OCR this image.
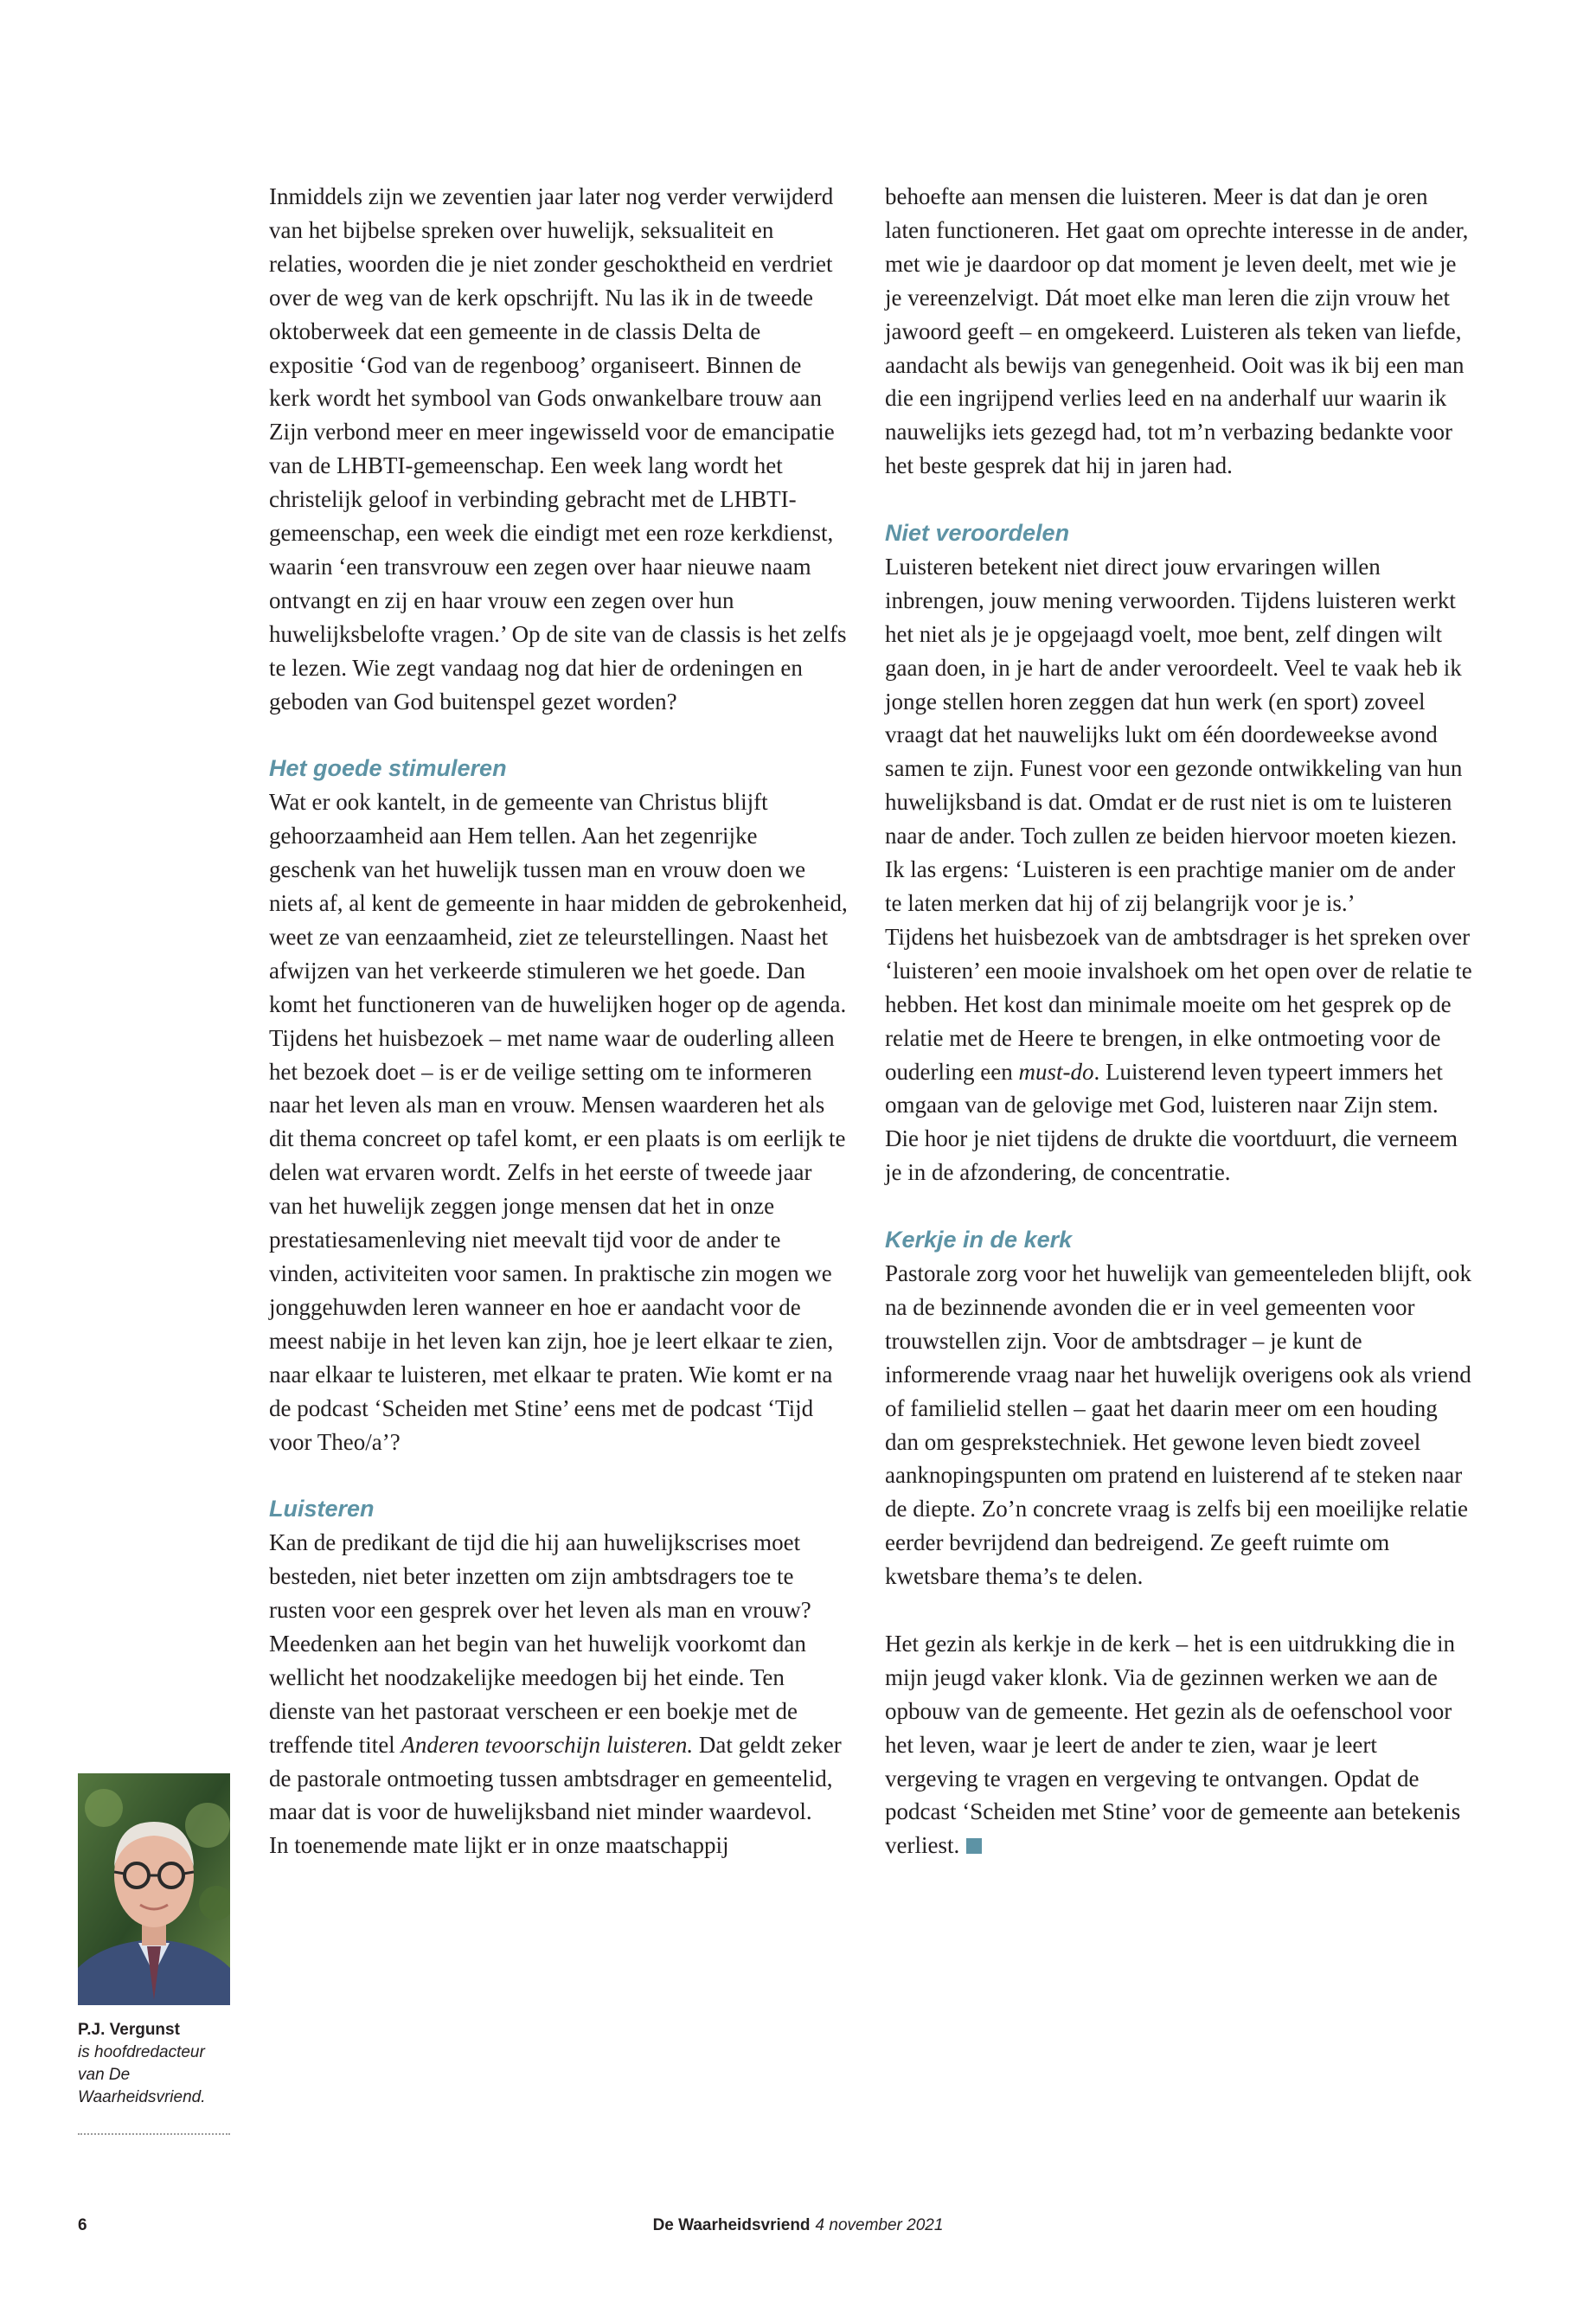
Inmiddels zijn we zeventien jaar later nog verder verwijderd van het bijbelse spreken over huwelijk, seksualiteit en relaties, woorden die je niet zonder geschoktheid en verdriet over de weg van de kerk opschrijft. Nu las ik in de tweede oktoberweek dat een gemeente in de classis Delta de expositie ‘God van de regenboog’ organiseert. Binnen de kerk wordt het symbool van Gods onwankelbare trouw aan Zijn verbond meer en meer ingewisseld voor de emancipatie van de LHBTI-gemeenschap. Een week lang wordt het christelijk geloof in verbinding gebracht met de LHBTI-gemeenschap, een week die eindigt met een roze kerkdienst, waarin ‘een transvrouw een zegen over haar nieuwe naam ontvangt en zij en haar vrouw een zegen over hun huwelijksbelofte vragen.’ Op de site van de classis is het zelfs te lezen. Wie zegt vandaag nog dat hier de ordeningen en geboden van God buitenspel gezet worden?

Het goede stimuleren

Wat er ook kantelt, in de gemeente van Christus blijft gehoorzaamheid aan Hem tellen. Aan het zegenrijke geschenk van het huwelijk tussen man en vrouw doen we niets af, al kent de gemeente in haar midden de gebrokenheid, weet ze van eenzaamheid, ziet ze teleurstellingen. Naast het afwijzen van het verkeerde stimuleren we het goede. Dan komt het functioneren van de huwelijken hoger op de agenda.

Tijdens het huisbezoek – met name waar de ouderling alleen het bezoek doet – is er de veilige setting om te informeren naar het leven als man en vrouw. Mensen waarderen het als dit thema concreet op tafel komt, er een plaats is om eerlijk te delen wat ervaren wordt. Zelfs in het eerste of tweede jaar van het huwelijk zeggen jonge mensen dat het in onze prestatiesamenleving niet meevalt tijd voor de ander te vinden, activiteiten voor samen. In praktische zin mogen we jonggehuwden leren wanneer en hoe er aandacht voor de meest nabije in het leven kan zijn, hoe je leert elkaar te zien, naar elkaar te luisteren, met elkaar te praten. Wie komt er na de podcast ‘Scheiden met Stine’ eens met de podcast ‘Tijd voor Theo/a’?

Luisteren

Kan de predikant de tijd die hij aan huwelijkscrises moet besteden, niet beter inzetten om zijn ambtsdragers toe te rusten voor een gesprek over het leven als man en vrouw? Meedenken aan het begin van het huwelijk voorkomt dan wellicht het noodzakelijke meedogen bij het einde. Ten dienste van het pastoraat verscheen er een boekje met de treffende titel Anderen tevoorschijn luisteren. Dat geldt zeker de pastorale ontmoeting tussen ambtsdrager en gemeentelid, maar dat is voor de huwelijksband niet minder waardevol.

In toenemende mate lijkt er in onze maatschappij

behoefte aan mensen die luisteren. Meer is dat dan je oren laten functioneren. Het gaat om oprechte interesse in de ander, met wie je daardoor op dat moment je leven deelt, met wie je je vereenzelvigt. Dát moet elke man leren die zijn vrouw het jawoord geeft – en omgekeerd. Luisteren als teken van liefde, aandacht als bewijs van genegenheid. Ooit was ik bij een man die een ingrijpend verlies leed en na anderhalf uur waarin ik nauwelijks iets gezegd had, tot m’n verbazing bedankte voor het beste gesprek dat hij in jaren had.

Niet veroordelen

Luisteren betekent niet direct jouw ervaringen willen inbrengen, jouw mening verwoorden. Tijdens luisteren werkt het niet als je je opgejaagd voelt, moe bent, zelf dingen wilt gaan doen, in je hart de ander veroordeelt. Veel te vaak heb ik jonge stellen horen zeggen dat hun werk (en sport) zoveel vraagt dat het nauwelijks lukt om één doordeweekse avond samen te zijn. Funest voor een gezonde ontwikkeling van hun huwelijksband is dat. Omdat er de rust niet is om te luisteren naar de ander. Toch zullen ze beiden hiervoor moeten kiezen. Ik las ergens: ‘Luisteren is een prachtige manier om de ander te laten merken dat hij of zij belangrijk voor je is.’

Tijdens het huisbezoek van de ambtsdrager is het spreken over ‘luisteren’ een mooie invalshoek om het open over de relatie te hebben. Het kost dan minimale moeite om het gesprek op de relatie met de Heere te brengen, in elke ontmoeting voor de ouderling een must-do. Luisterend leven typeert immers het omgaan van de gelovige met God, luisteren naar Zijn stem. Die hoor je niet tijdens de drukte die voortduurt, die verneem je in de afzondering, de concentratie.

Kerkje in de kerk

Pastorale zorg voor het huwelijk van gemeenteleden blijft, ook na de bezinnende avonden die er in veel gemeenten voor trouwstellen zijn. Voor de ambtsdrager – je kunt de informerende vraag naar het huwelijk overigens ook als vriend of familielid stellen – gaat het daarin meer om een houding dan om gesprekstechniek. Het gewone leven biedt zoveel aanknopingspunten om pratend en luisterend af te steken naar de diepte. Zo’n concrete vraag is zelfs bij een moeilijke relatie eerder bevrijdend dan bedreigend. Ze geeft ruimte om kwetsbare thema’s te delen.

Het gezin als kerkje in de kerk – het is een uitdrukking die in mijn jeugd vaker klonk. Via de gezinnen werken we aan de opbouw van de gemeente. Het gezin als de oefenschool voor het leven, waar je leert de ander te zien, waar je leert vergeving te vragen en vergeving te ontvangen. Opdat de podcast ‘Scheiden met Stine’ voor de gemeente aan betekenis verliest.

P.J. Vergunst
is hoofdredacteur van De Waarheidsvriend.
6	De Waarheidsvriend 4 november 2021
